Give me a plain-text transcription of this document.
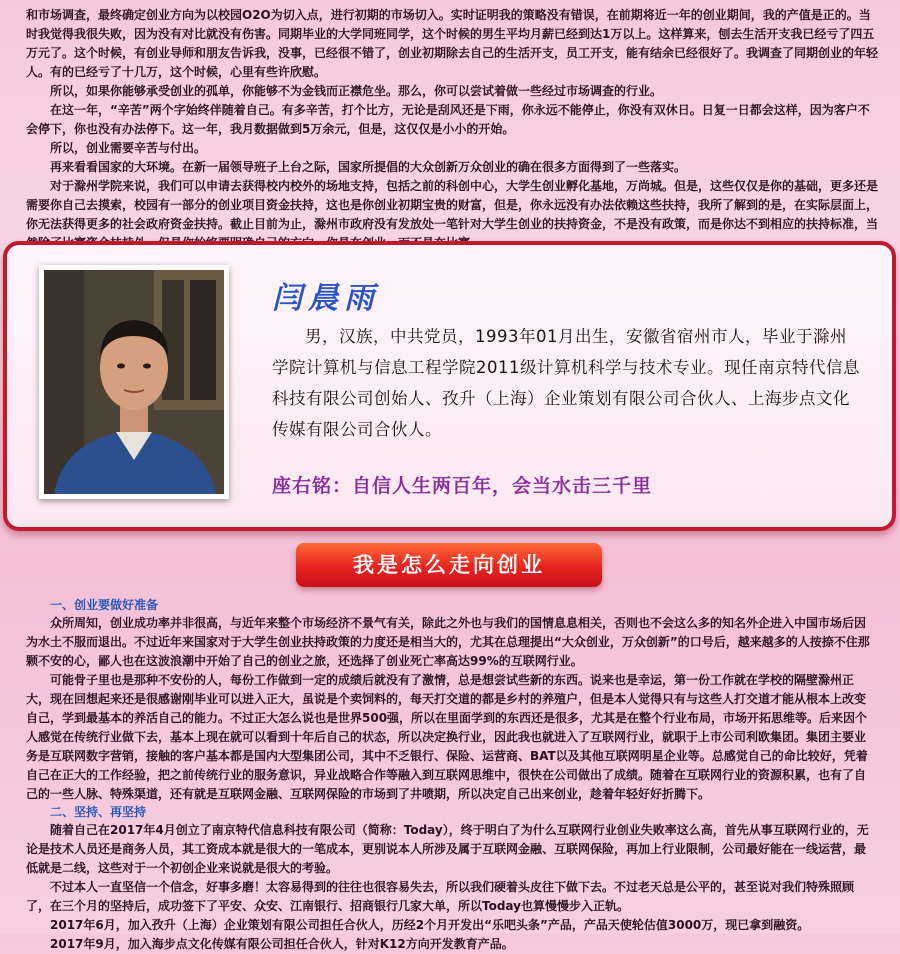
和市场调查，最终确定创业方向为以校园O2O为切入点，进行初期的市场切入。实时证明我的策略没有错误，在前期将近一年的创业期间，我的产值是正的。当时我觉得我很失败，因为没有对比就没有伤害。同期毕业的大学同班同学，这个时候的男生平均月薪已经到达1万以上。这样算来，刨去生活开支我已经亏了四五万元了。这个时候，有创业导师和朋友告诉我，没事，已经很不错了，创业初期除去自己的生活开支，员工开支，能有结余已经很好了。我调查了同期创业的年轻人。有的已经亏了十几万，这个时候，心里有些许欣慰。

所以，如果你能够承受创业的孤单，你能够不为金钱而正襟危坐。那么，你可以尝试着做一些经过市场调查的行业。

在这一年，“辛苦”两个字始终伴随着自己。有多辛苦，打个比方，无论是刮风还是下雨，你永远不能停止，你没有双休日。日复一日都会这样，因为客户不会停下，你也没有办法停下。这一年，我月数据做到5万余元，但是，这仅仅是小小的开始。

所以，创业需要辛苦与付出。

再来看看国家的大环境。在新一届领导班子上台之际，国家所提倡的大众创新万众创业的确在很多方面得到了一些落实。

对于滁州学院来说，我们可以申请去获得校内校外的场地支持，包括之前的科创中心，大学生创业孵化基地，万尚城。但是，这些仅仅是你的基础，更多还是需要你自己去摸索，校园有一部分的创业项目资金扶持，这也是你创业初期宝贵的财富，但是，你永远没有办法依赖这些扶持，我所了解到的是，在实际层面上，你无法获得更多的社会政府资金扶持。截止目前为止，滁州市政府没有发放处一笔针对大学生创业的扶持资金，不是没有政策，而是你达不到相应的扶持标准，当

闫晨雨
男，汉族，中共党员，1993年01月出生，安徽省宿州市人，毕业于滁州学院计算机与信息工程学院2011级计算机科学与技术专业。现任南京特代信息科技有限公司创始人、孜升（上海）企业策划有限公司合伙人、上海步点文化传媒有限公司合伙人。
座右铭：自信人生两百年，会当水击三千里
我是怎么走向创业
一、创业要做好准备

众所周知，创业成功率并非很高，与近年来整个市场经济不景气有关，除此之外也与我们的国情息息相关，否则也不会这么多的知名外企进入中国市场后因为水土不服而退出。不过近年来国家对于大学生创业扶持政策的力度还是相当大的，尤其在总理提出“大众创业，万众创新”的口号后，越来越多的人按捺不住那颗不安的心，鄙人也在这波浪潮中开始了自己的创业之旅，还选择了创业死亡率高达99%的互联网行业。

可能骨子里也是那种不安份的人，每份工作做到一定的成绩后就没有了激情，总是想尝试些新的东西。说来也是幸运，第一份工作就在学校的隔壁滁州正大，现在回想起来还是很感谢刚毕业可以进入正大，虽说是个卖饲料的，每天打交道的都是乡村的养殖户，但是本人觉得只有与这些人打交道才能从根本上改变自己，学到最基本的养活自己的能力。不过正大怎么说也是世界500强，所以在里面学到的东西还是很多，尤其是在整个行业布局，市场开拓思维等。后来因个人感觉在传统行业做下去，基本上现在就可以看到十年后自己的状态，所以决定换行业，因此我也就进入了互联网行业，就职于上市公司利欧集团。集团主要业务是互联网数字营销，接触的客户基本都是国内大型集团公司，其中不乏银行、保险、运营商、BAT以及其他互联网明星企业等。总感觉自己的命比较好，凭着自己在正大的工作经验，把之前传统行业的服务意识，异业战略合作等融入到互联网思维中，很快在公司做出了成绩。随着在互联网行业的资源积累，也有了自己的一些人脉、特殊渠道，还有就是互联网金融、互联网保险的市场到了井喷期，所以决定自己出来创业，趁着年轻好好折腾下。

二、坚持、再坚持

随着自己在2017年4月创立了南京特代信息科技有限公司（简称：Today），终于明白了为什么互联网行业创业失败率这么高，首先从事互联网行业的，无论是技术人员还是商务人员，其工资成本就是很大的一笔成本，更别说本人所涉及属于互联网金融、互联网保险，再加上行业限制，公司最好能在一线运营，最低就是二线，这些对于一个初创企业来说就是很大的考验。

不过本人一直坚信一个信念，好事多磨！太容易得到的往往也很容易失去，所以我们硬着头皮往下做下去。不过老天总是公平的，甚至说对我们特殊照顾了，在三个月的坚持后，成功签下了平安、众安、江南银行、招商银行几家大单，所以Today也算慢慢步入正轨。

2017年6月，加入孜升（上海）企业策划有限公司担任合伙人，历经2个月开发出“乐吧头条”产品，产品天使轮估值3000万，现已拿到融资。

2017年9月，加入海步点文化传媒有限公司担任合伙人，针对K12方向开发教育产品。
